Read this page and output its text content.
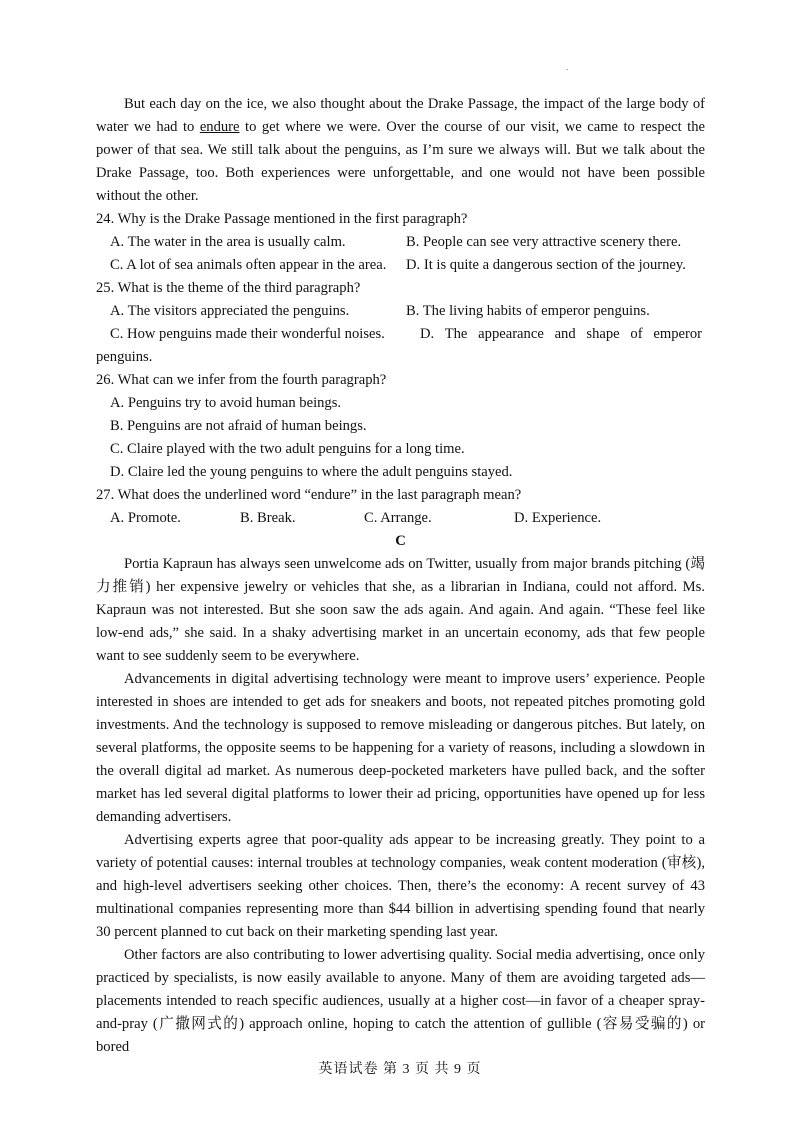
.

But each day on the ice, we also thought about the Drake Passage, the impact of the large body of water we had to endure to get where we were. Over the course of our visit, we came to respect the power of that sea. We still talk about the penguins, as I’m sure we always will. But we talk about the Drake Passage, too. Both experiences were unforgettable, and one would not have been possible without the other.

24. Why is the Drake Passage mentioned in the first paragraph?
A. The water in the area is usually calm.	B. People can see very attractive scenery there.
C. A lot of sea animals often appear in the area.	D. It is quite a dangerous section of the journey.
25. What is the theme of the third paragraph?
A. The visitors appreciated the penguins.	B. The living habits of emperor penguins.
C. How penguins made their wonderful noises. D. The appearance and shape of emperor
penguins.
26. What can we infer from the fourth paragraph?
A. Penguins try to avoid human beings.
B. Penguins are not afraid of human beings.
C. Claire played with the two adult penguins for a long time.
D. Claire led the young penguins to where the adult penguins stayed.
27. What does the underlined word “endure” in the last paragraph mean?
A. Promote.	B. Break.	C. Arrange.	D. Experience.
C

Portia Kapraun has always seen unwelcome ads on Twitter, usually from major brands pitching (竭力推销) her expensive jewelry or vehicles that she, as a librarian in Indiana, could not afford. Ms. Kapraun was not interested. But she soon saw the ads again. And again. And again. “These feel like low-end ads,” she said. In a shaky advertising market in an uncertain economy, ads that few people want to see suddenly seem to be everywhere.

Advancements in digital advertising technology were meant to improve users’ experience. People interested in shoes are intended to get ads for sneakers and boots, not repeated pitches promoting gold investments. And the technology is supposed to remove misleading or dangerous pitches. But lately, on several platforms, the opposite seems to be happening for a variety of reasons, including a slowdown in the overall digital ad market. As numerous deep-pocketed marketers have pulled back, and the softer market has led several digital platforms to lower their ad pricing, opportunities have opened up for less demanding advertisers.

Advertising experts agree that poor-quality ads appear to be increasing greatly. They point to a variety of potential causes: internal troubles at technology companies, weak content moderation (审核), and high-level advertisers seeking other choices. Then, there’s the economy: A recent survey of 43 multinational companies representing more than $44 billion in advertising spending found that nearly 30 percent planned to cut back on their marketing spending last year.

Other factors are also contributing to lower advertising quality. Social media advertising, once only practiced by specialists, is now easily available to anyone. Many of them are avoiding targeted ads—placements intended to reach specific audiences, usually at a higher cost—in favor of a cheaper spray-and-pray (广撒网式的) approach online, hoping to catch the attention of gullible (容易受骗的) or bored

英语试卷 第 3 页 共 9 页
